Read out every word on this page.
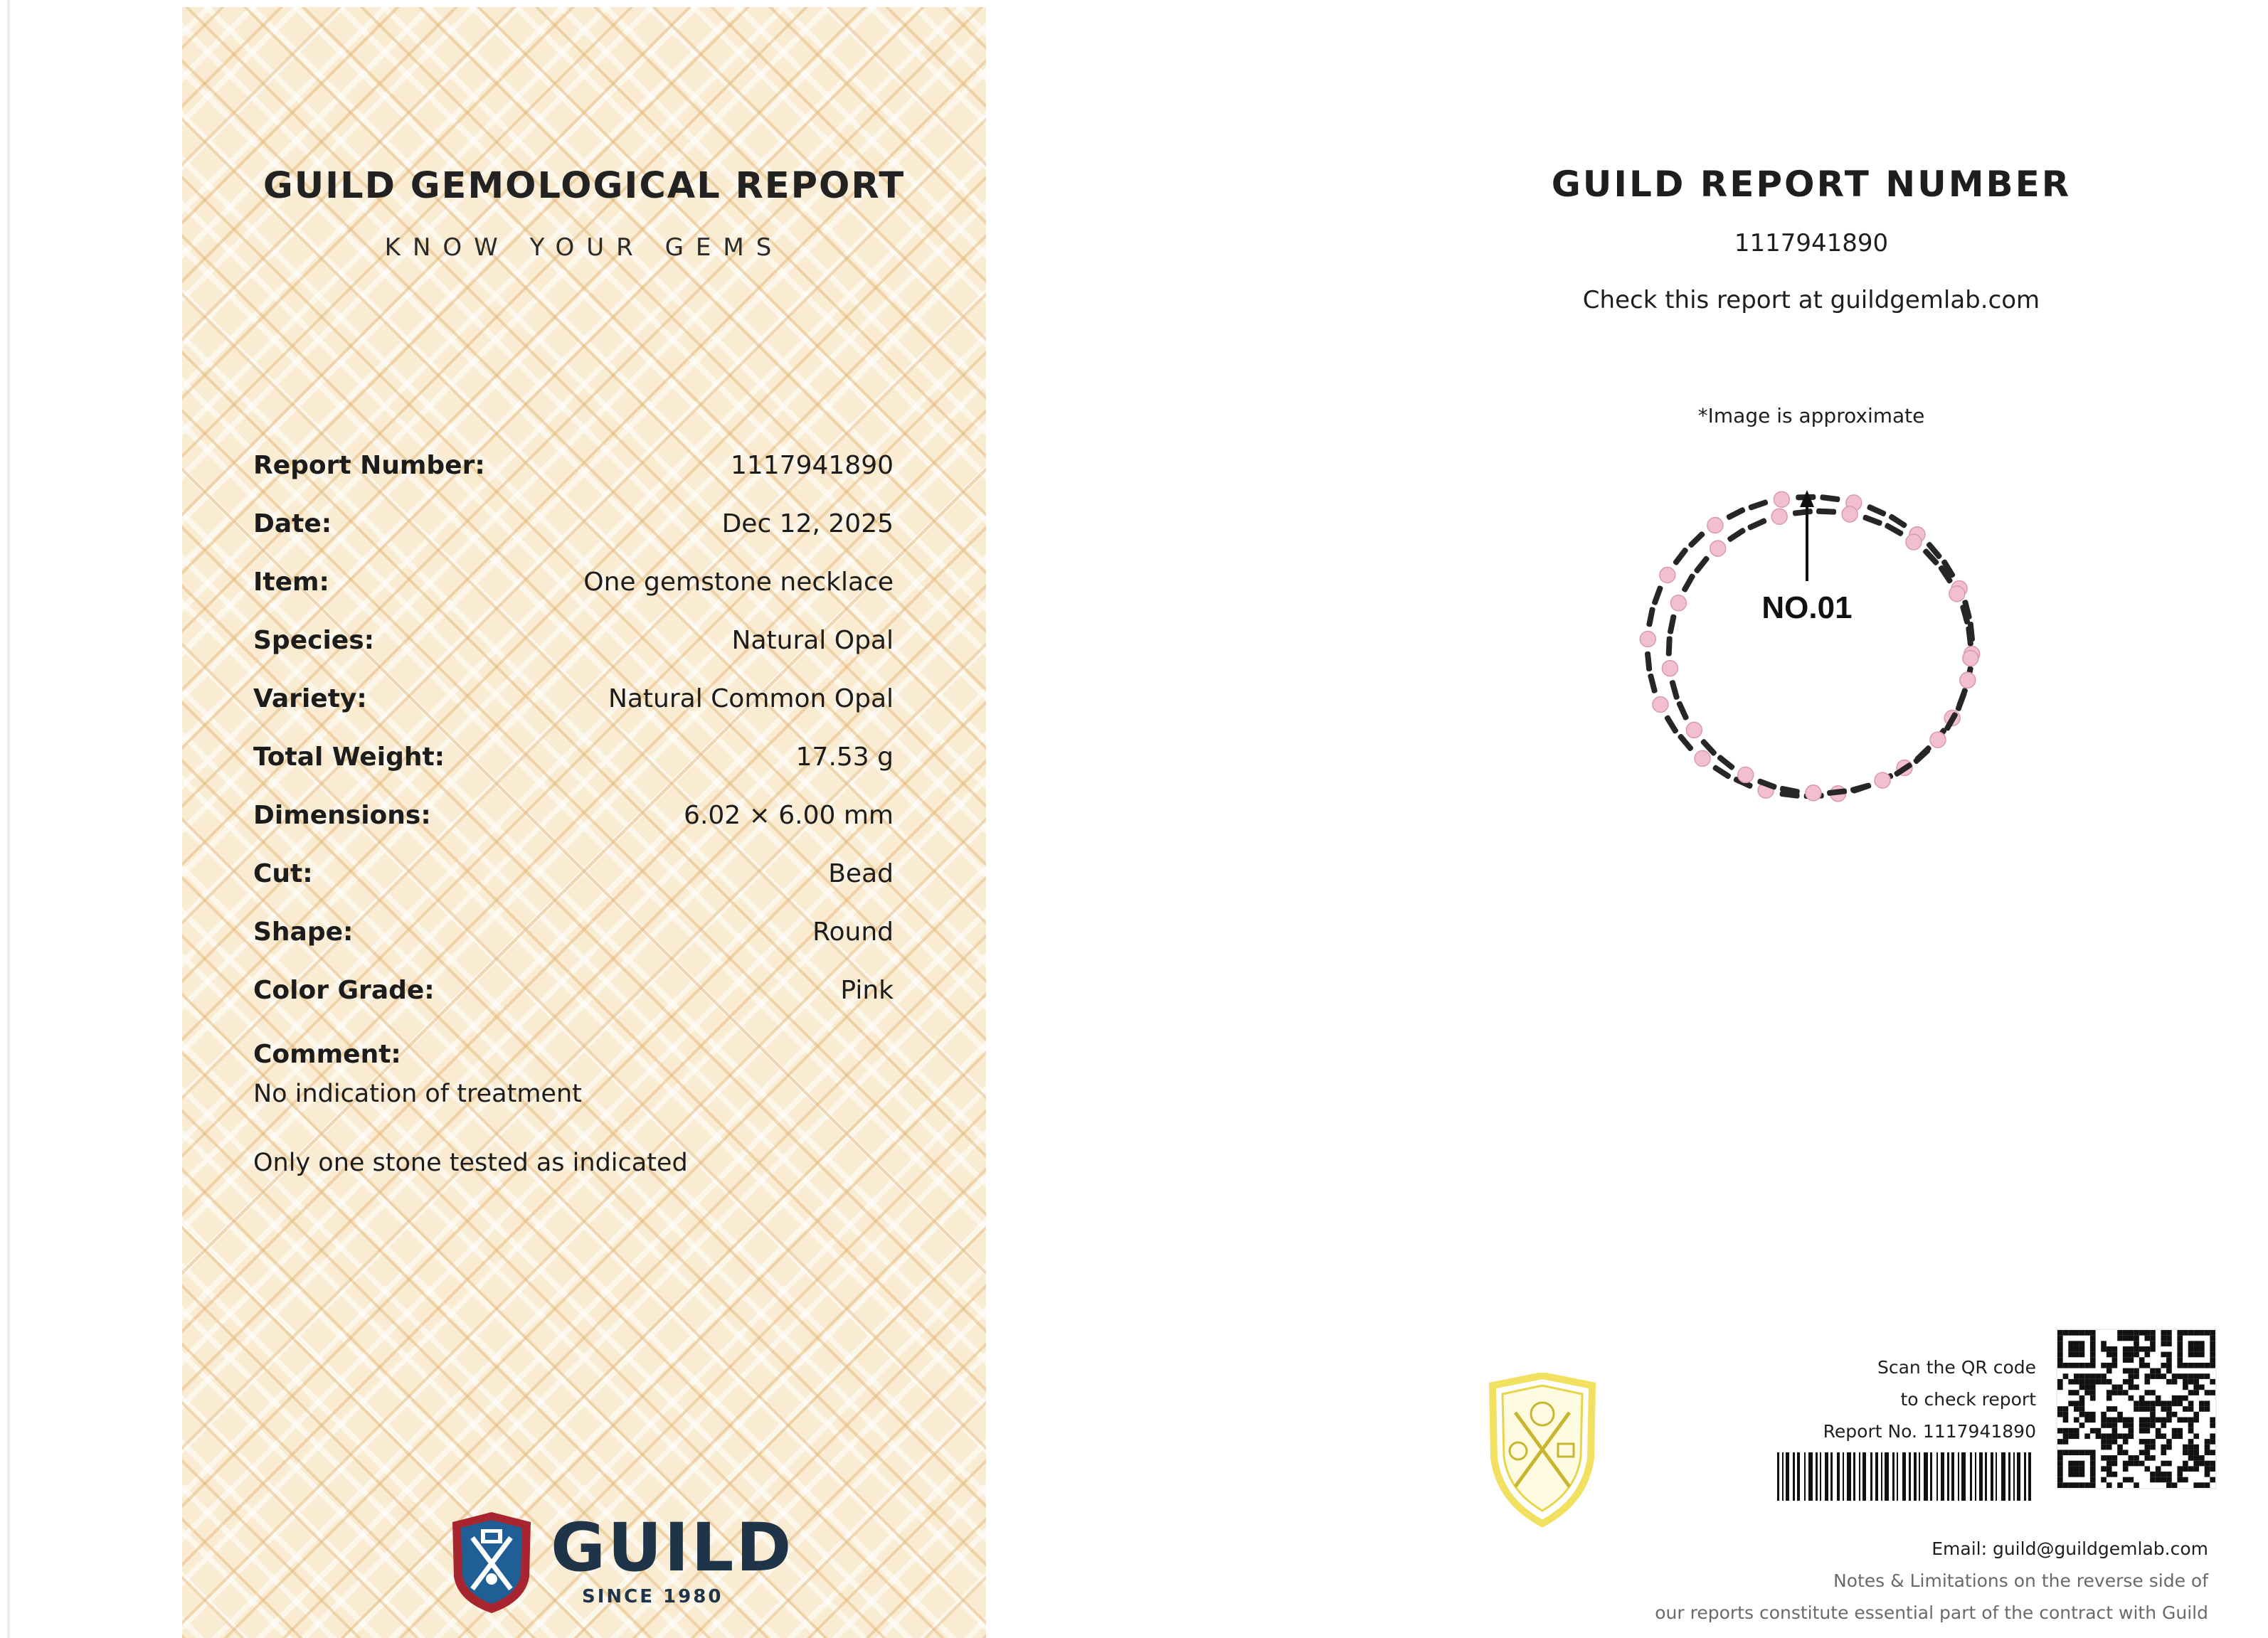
GUILD GEMOLOGICAL REPORT
KNOW YOUR GEMS
Report Number:	1117941890
Date:	Dec 12, 2025
Item:	One gemstone necklace
Species:	Natural Opal
Variety:	Natural Common Opal
Total Weight:	17.53 g
Dimensions:	6.02 × 6.00 mm
Cut:	Bead
Shape:	Round
Color Grade:	Pink
Comment:
No indication of treatment
Only one stone tested as indicated
GUILD
SINCE 1980
GUILD REPORT NUMBER
1117941890
Check this report at guildgemlab.com
*Image is approximate
NO.01
Scan the QR code
to check report
Report No. 1117941890
Email: guild@guildgemlab.com
Notes & Limitations on the reverse side of
our reports constitute essential part of the contract with Guild
